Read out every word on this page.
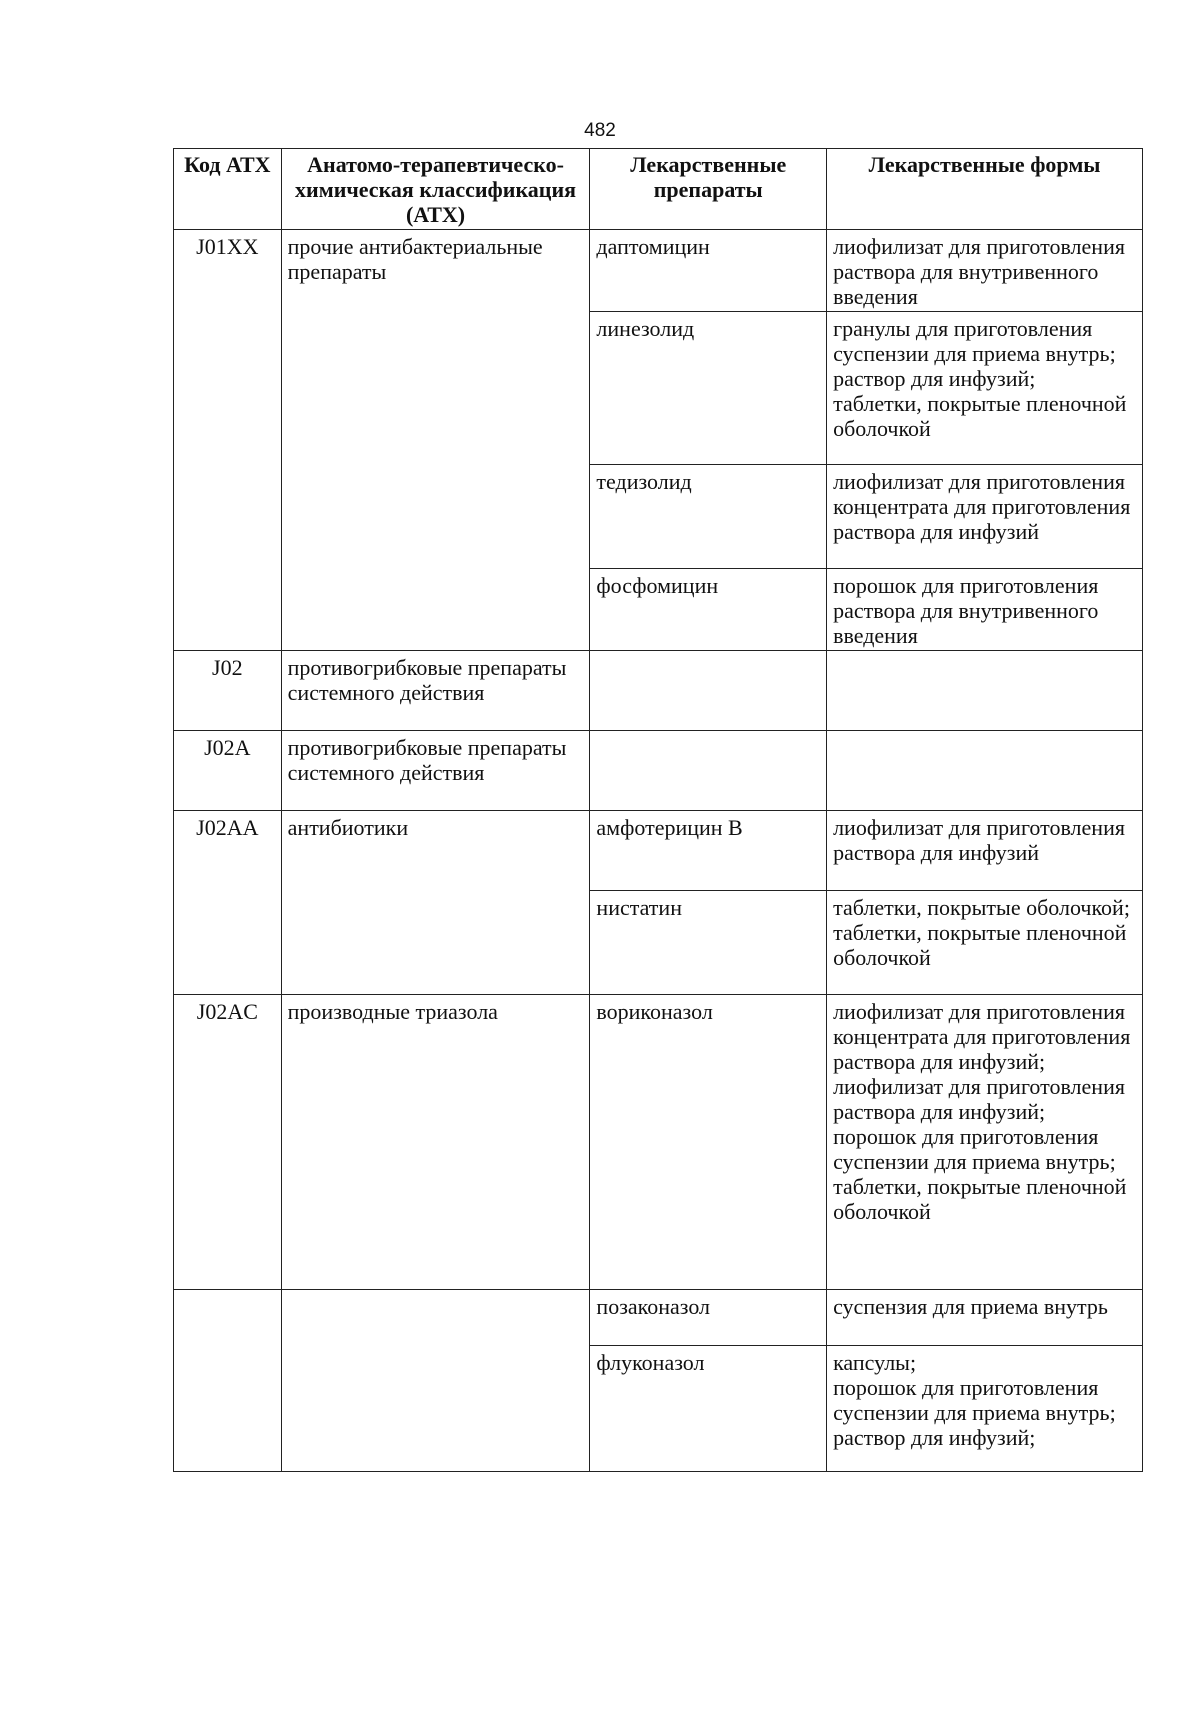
482
Код АТХ	Анатомо-терапевтическо-химическая классификация (АТХ)	Лекарственные препараты	Лекарственные формы
J01XX	прочие антибактериальные препараты	даптомицин	лиофилизат для приготовления раствора для внутривенного введения
		линезолид	гранулы для приготовления суспензии для приема внутрь;
раствор для инфузий;
таблетки, покрытые пленочной оболочкой
		тедизолид	лиофилизат для приготовления концентрата для приготовления раствора для инфузий
		фосфомицин	порошок для приготовления раствора для внутривенного введения
J02	противогрибковые препараты системного действия		
J02A	противогрибковые препараты системного действия		
J02AA	антибиотики	амфотерицин В	лиофилизат для приготовления раствора для инфузий
		нистатин	таблетки, покрытые оболочкой;
таблетки, покрытые пленочной оболочкой
J02AC	производные триазола	вориконазол	лиофилизат для приготовления концентрата для приготовления раствора для инфузий;
лиофилизат для приготовления раствора для инфузий;
порошок для приготовления суспензии для приема внутрь;
таблетки, покрытые пленочной оболочкой
		позаконазол	суспензия для приема внутрь
		флуконазол	капсулы;
порошок для приготовления суспензии для приема внутрь;
раствор для инфузий;
